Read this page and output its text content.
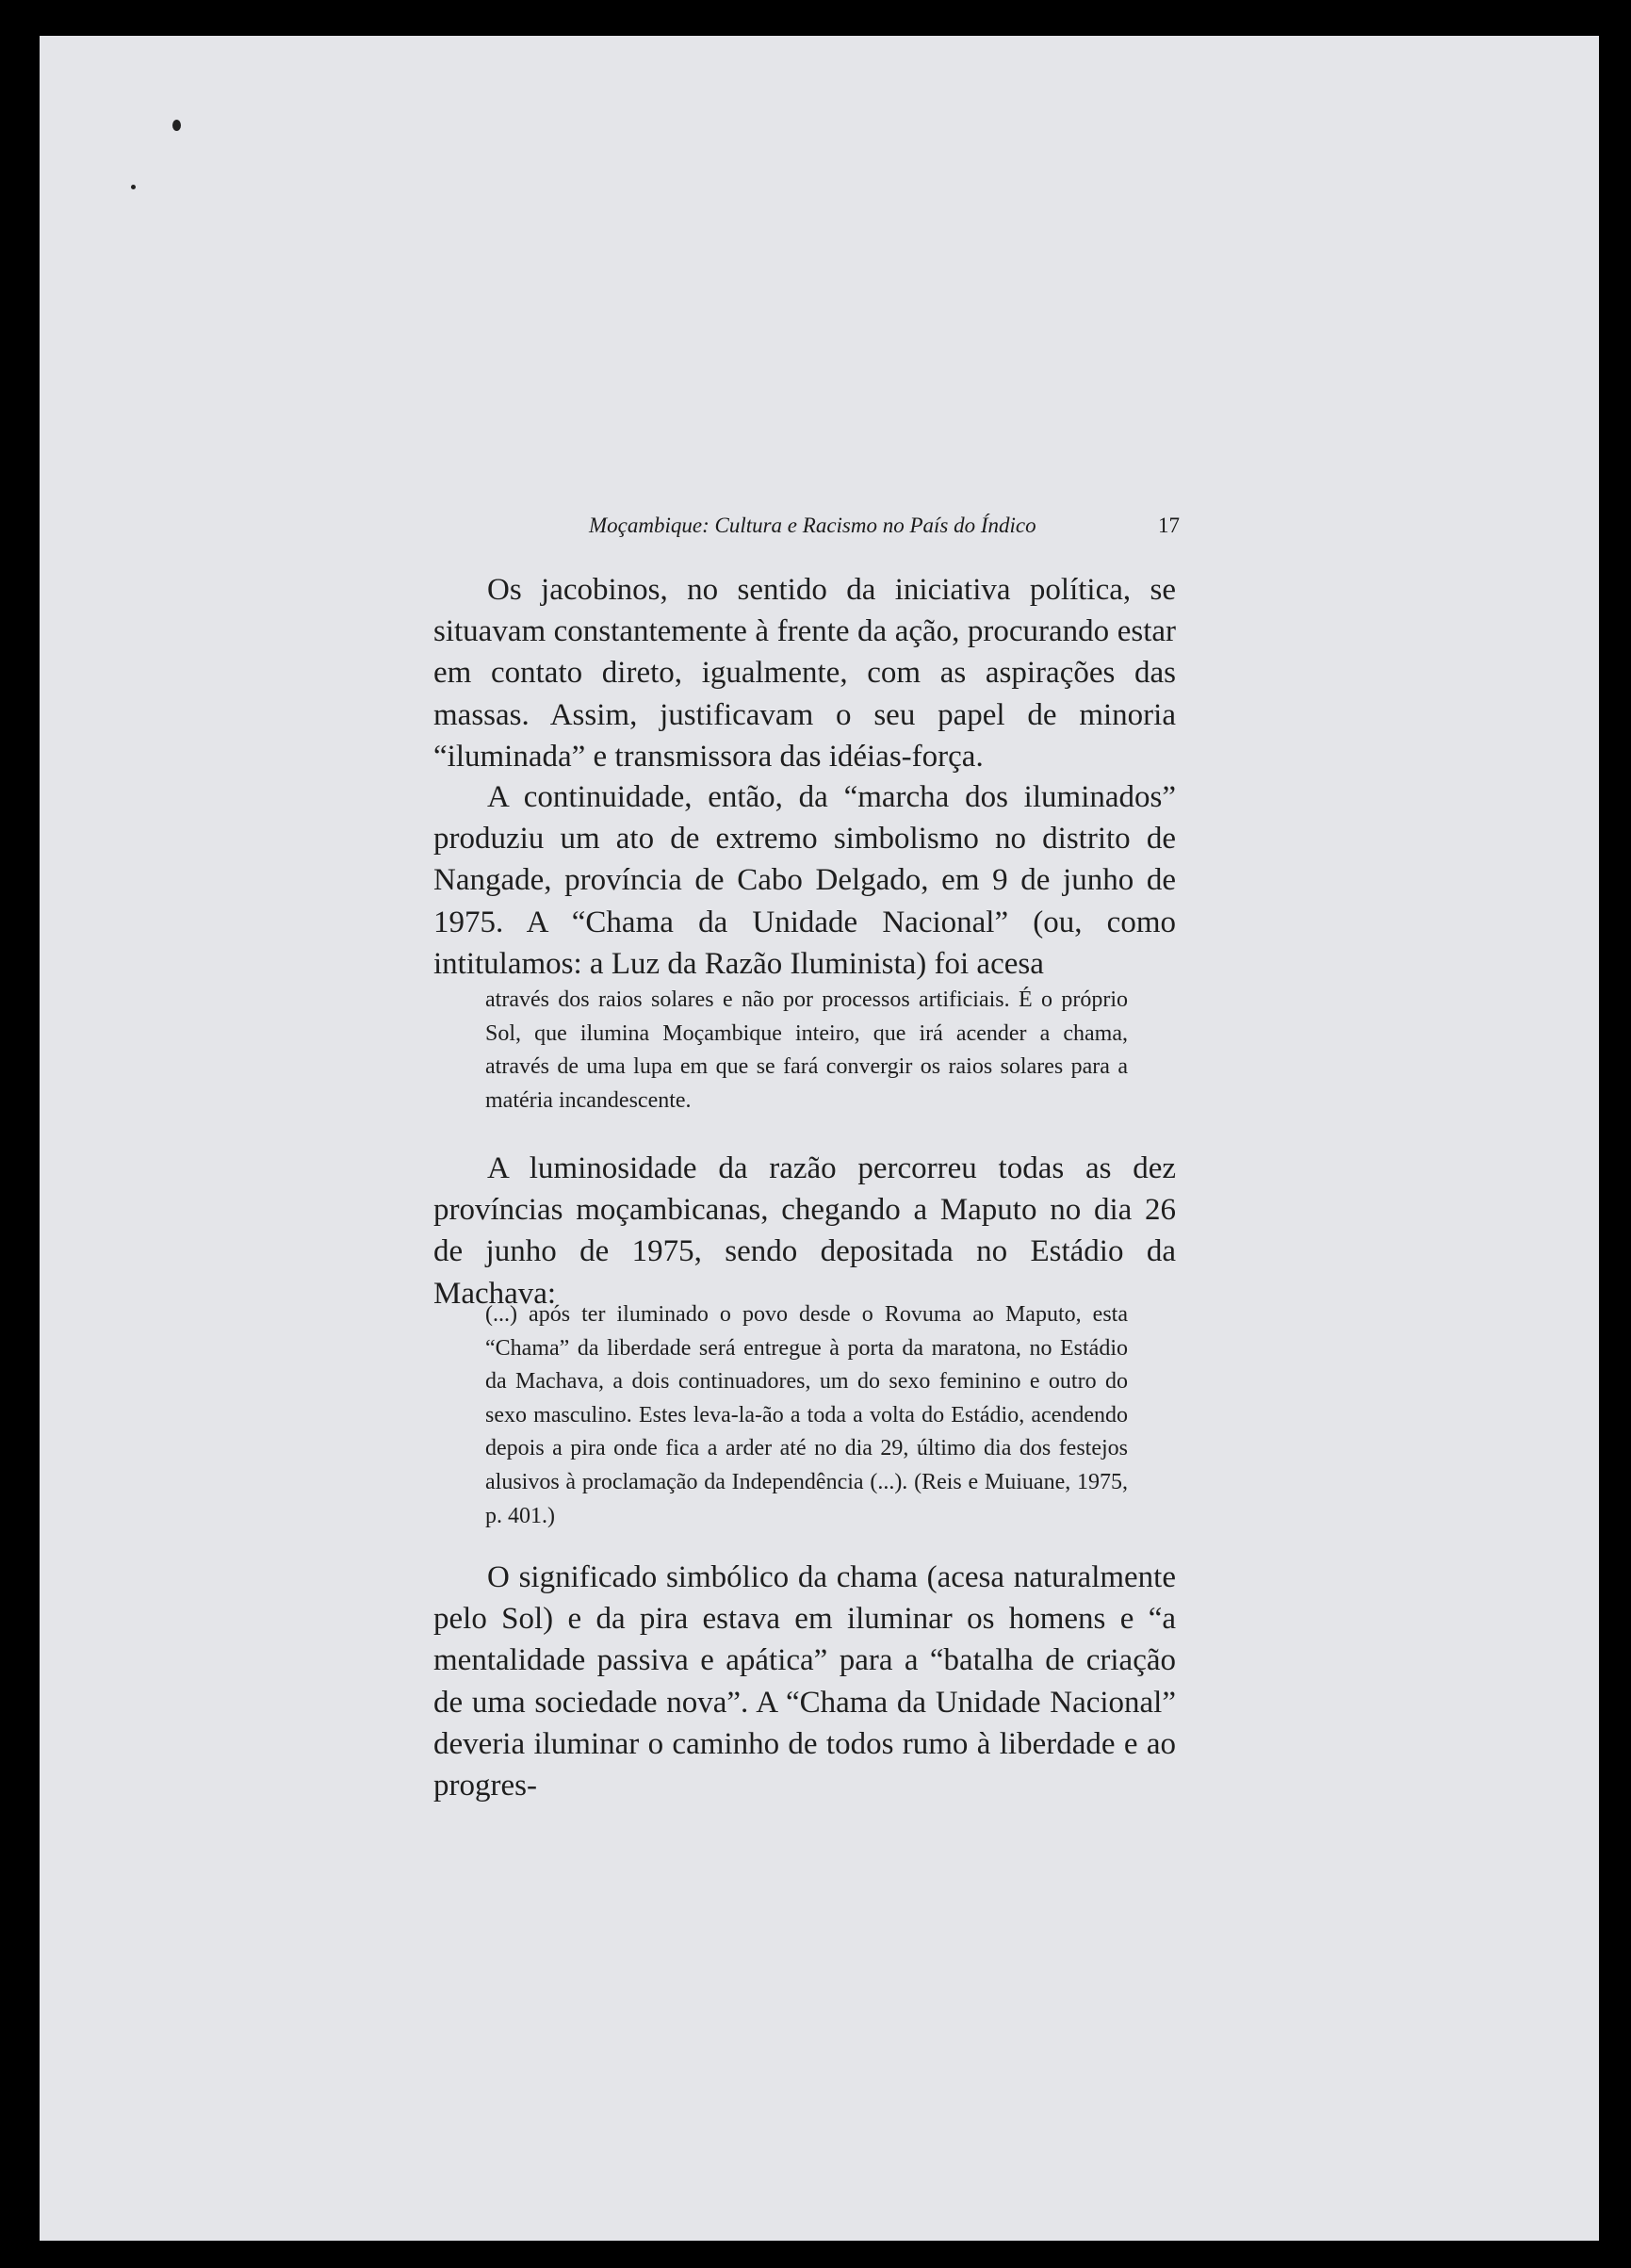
Moçambique: Cultura e Racismo no País do Índico	17

Os jacobinos, no sentido da iniciativa política, se situavam constantemente à frente da ação, procurando estar em contato direto, igualmente, com as aspirações das massas. Assim, justificavam o seu papel de minoria “iluminada” e transmissora das idéias-força.

A continuidade, então, da “marcha dos iluminados” produziu um ato de extremo simbolismo no distrito de Nangade, província de Cabo Delgado, em 9 de junho de 1975. A “Chama da Unidade Nacional” (ou, como intitulamos: a Luz da Razão Iluminista) foi acesa

através dos raios solares e não por processos artificiais. É o próprio Sol, que ilumina Moçambique inteiro, que irá acender a chama, através de uma lupa em que se fará convergir os raios solares para a matéria incandescente.

A luminosidade da razão percorreu todas as dez províncias moçambicanas, chegando a Maputo no dia 26 de junho de 1975, sendo depositada no Estádio da Machava:

(...) após ter iluminado o povo desde o Rovuma ao Maputo, esta “Chama” da liberdade será entregue à porta da maratona, no Estádio da Machava, a dois continuadores, um do sexo feminino e outro do sexo masculino. Estes leva-la-ão a toda a volta do Estádio, acendendo depois a pira onde fica a arder até no dia 29, último dia dos festejos alusivos à proclamação da Independência (...). (Reis e Muiuane, 1975, p. 401.)

O significado simbólico da chama (acesa naturalmente pelo Sol) e da pira estava em iluminar os homens e “a mentalidade passiva e apática” para a “batalha de criação de uma sociedade nova”. A “Chama da Unidade Nacional” deveria iluminar o caminho de todos rumo à liberdade e ao progres-
